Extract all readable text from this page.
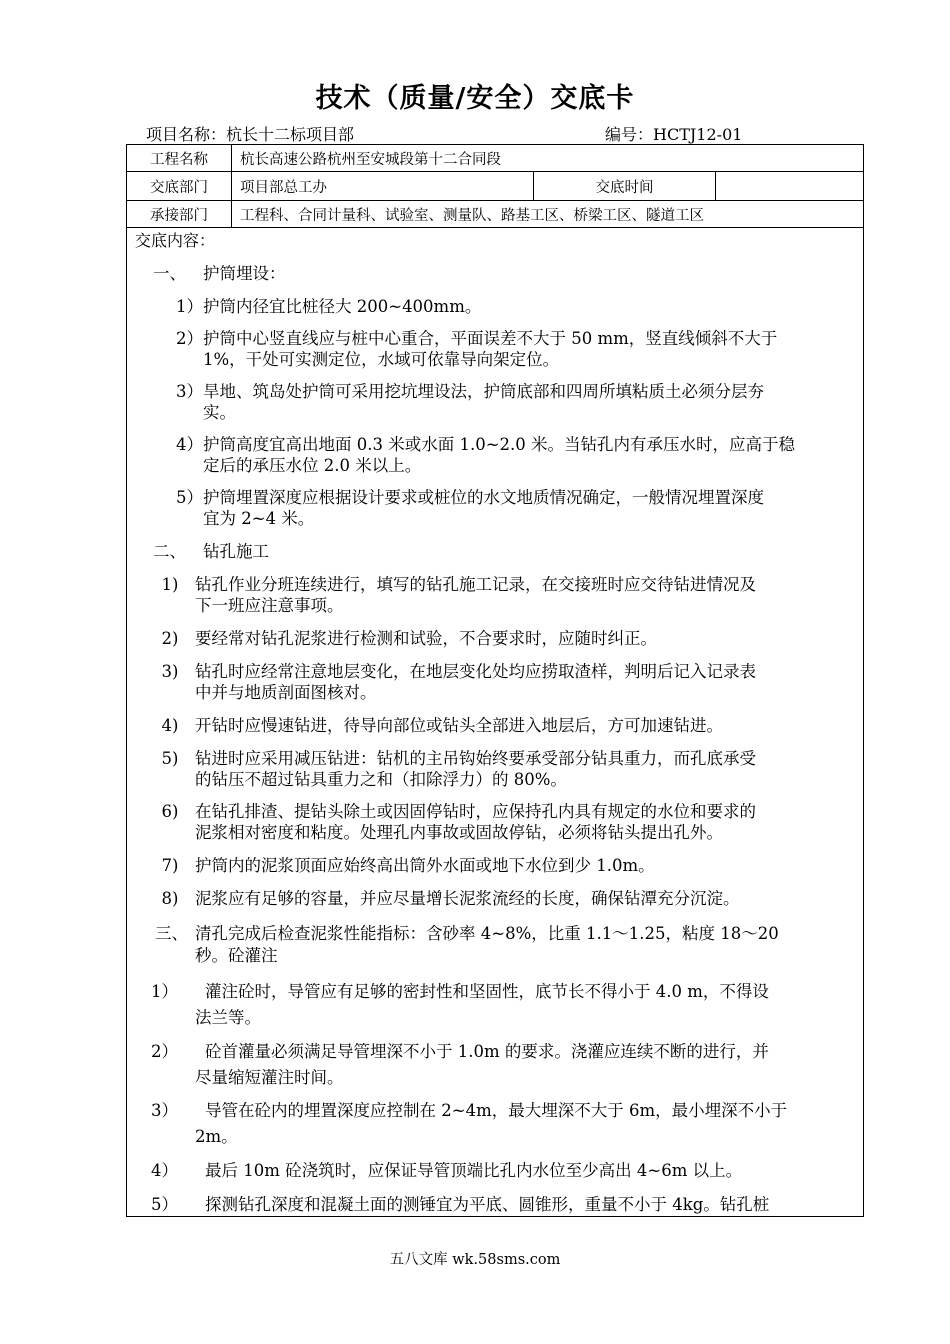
技术（质量/安全）交底卡
项目名称：杭长十二标项目部	编号：HCTJ12-01
工程名称	杭长高速公路杭州至安城段第十二合同段
交底部门	项目部总工办	交底时间
承接部门	工程科、合同计量科、试验室、测量队、路基工区、桥梁工区、隧道工区
交底内容：
一、 护筒埋设：
1） 护筒内径宜比桩径大 200~400mm。
2） 护筒中心竖直线应与桩中心重合，平面误差不大于 50 mm，竖直线倾斜不大于
1%，干处可实测定位，水域可依靠导向架定位。
3） 旱地、筑岛处护筒可采用挖坑埋设法，护筒底部和四周所填粘质土必须分层夯
实。
4） 护筒高度宜高出地面 0.3 米或水面 1.0~2.0 米。当钻孔内有承压水时，应高于稳
定后的承压水位 2.0 米以上。
5） 护筒埋置深度应根据设计要求或桩位的水文地质情况确定，一般情况埋置深度
宜为 2~4 米。
二、 钻孔施工
1)	钻孔作业分班连续进行，填写的钻孔施工记录，在交接班时应交待钻进情况及
下一班应注意事项。
2)	要经常对钻孔泥浆进行检测和试验，不合要求时，应随时纠正。
3)	钻孔时应经常注意地层变化，在地层变化处均应捞取渣样，判明后记入记录表
中并与地质剖面图核对。
4)	开钻时应慢速钻进，待导向部位或钻头全部进入地层后，方可加速钻进。
5)	钻进时应采用减压钻进：钻机的主吊钩始终要承受部分钻具重力，而孔底承受
的钻压不超过钻具重力之和（扣除浮力）的 80%。
6)	在钻孔排渣、提钻头除土或因固停钻时，应保持孔内具有规定的水位和要求的
泥浆相对密度和粘度。处理孔内事故或固故停钻，必须将钻头提出孔外。
7)	护筒内的泥浆顶面应始终高出筒外水面或地下水位到少 1.0m。
8)	泥浆应有足够的容量，并应尽量增长泥浆流经的长度，确保钻潭充分沉淀。
三、 清孔完成后检查泥浆性能指标：含砂率 4~8%，比重 1.1～1.25，粘度 18～20
秒。砼灌注
1）	灌注砼时，导管应有足够的密封性和坚固性，底节长不得小于 4.0 m，不得设
法兰等。
2）	砼首灌量必须满足导管埋深不小于 1.0m 的要求。浇灌应连续不断的进行，并
尽量缩短灌注时间。
3）	导管在砼内的埋置深度应控制在 2~4m，最大埋深不大于 6m，最小埋深不小于
2m。
4）	最后 10m 砼浇筑时，应保证导管顶端比孔内水位至少高出 4~6m 以上。
5）	探测钻孔深度和混凝土面的测锤宜为平底、圆锥形，重量不小于 4kg。钻孔桩
五八文库 wk.58sms.com
